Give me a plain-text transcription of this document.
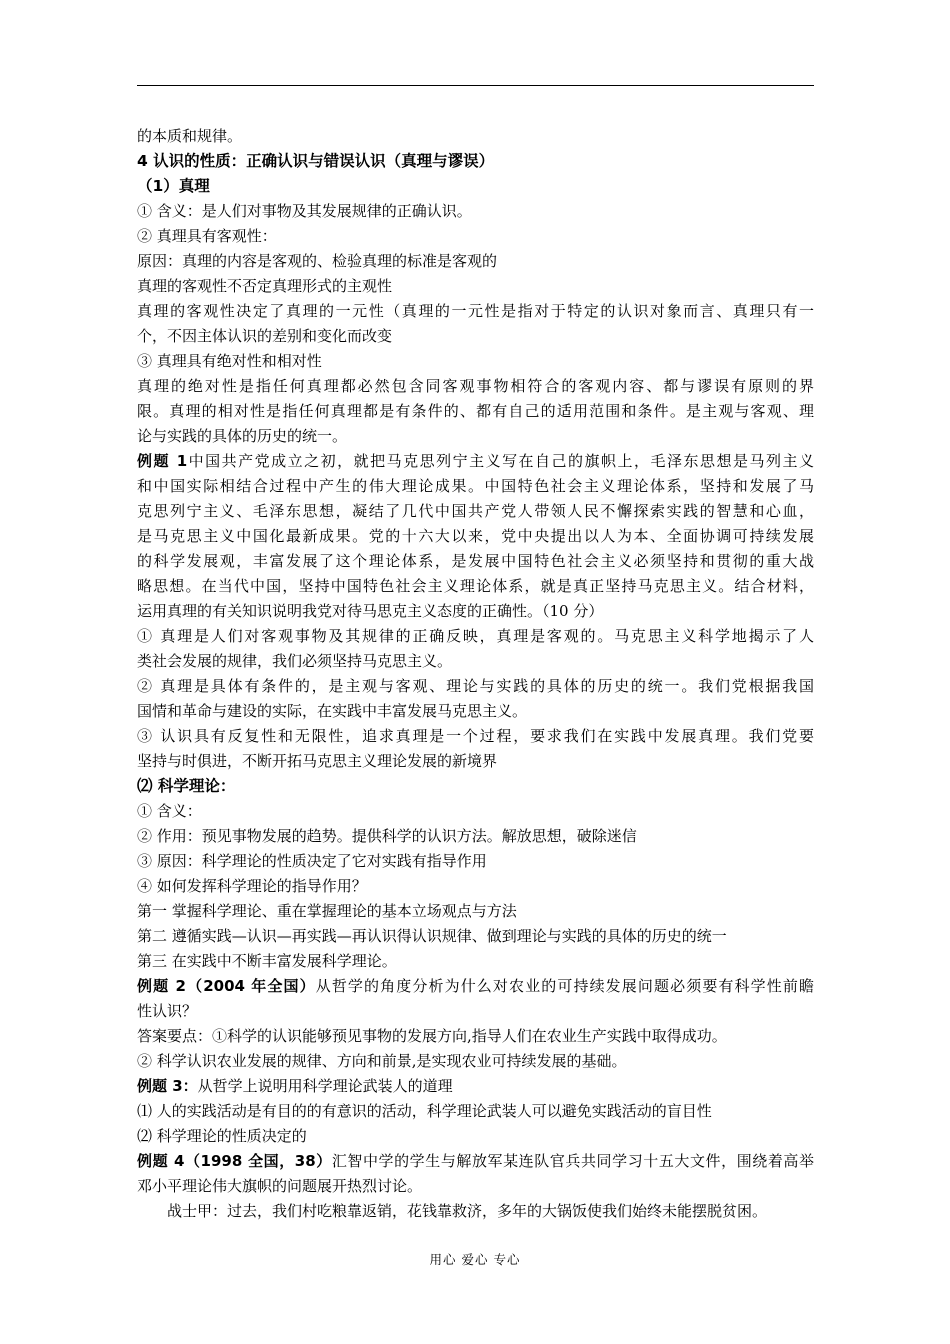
的本质和规律。
4 认识的性质：正确认识与错误认识（真理与谬误）
（1）真理
① 含义：是人们对事物及其发展规律的正确认识。
② 真理具有客观性：
原因：真理的内容是客观的、检验真理的标准是客观的
真理的客观性不否定真理形式的主观性
真理的客观性决定了真理的一元性（真理的一元性是指对于特定的认识对象而言、真理只有一
个，不因主体认识的差别和变化而改变
③ 真理具有绝对性和相对性
真理的绝对性是指任何真理都必然包含同客观事物相符合的客观内容、都与谬误有原则的界
限。真理的相对性是指任何真理都是有条件的、都有自己的适用范围和条件。是主观与客观、理
论与实践的具体的历史的统一。
例题 1中国共产党成立之初，就把马克思列宁主义写在自己的旗帜上，毛泽东思想是马列主义
和中国实际相结合过程中产生的伟大理论成果。中国特色社会主义理论体系，坚持和发展了马
克思列宁主义、毛泽东思想，凝结了几代中国共产党人带领人民不懈探索实践的智慧和心血，
是马克思主义中国化最新成果。党的十六大以来，党中央提出以人为本、全面协调可持续发展
的科学发展观，丰富发展了这个理论体系，是发展中国特色社会主义必须坚持和贯彻的重大战
略思想。在当代中国，坚持中国特色社会主义理论体系，就是真正坚持马克思主义。结合材料，
运用真理的有关知识说明我党对待马思克主义态度的正确性。（10 分）
① 真理是人们对客观事物及其规律的正确反映，真理是客观的。马克思主义科学地揭示了人
类社会发展的规律，我们必须坚持马克思主义。
② 真理是具体有条件的，是主观与客观、理论与实践的具体的历史的统一。我们党根据我国
国情和革命与建设的实际，在实践中丰富发展马克思主义。
③ 认识具有反复性和无限性，追求真理是一个过程，要求我们在实践中发展真理。我们党要
坚持与时俱进，不断开拓马克思主义理论发展的新境界
⑵ 科学理论：
① 含义：
② 作用：预见事物发展的趋势。提供科学的认识方法。解放思想，破除迷信
③ 原因：科学理论的性质决定了它对实践有指导作用
④ 如何发挥科学理论的指导作用？
第一 掌握科学理论、重在掌握理论的基本立场观点与方法
第二 遵循实践—认识—再实践—再认识得认识规律、做到理论与实践的具体的历史的统一
第三 在实践中不断丰富发展科学理论。
例题 2（2004 年全国）从哲学的角度分析为什么对农业的可持续发展问题必须要有科学性前瞻
性认识？
答案要点：①科学的认识能够预见事物的发展方向,指导人们在农业生产实践中取得成功。
② 科学认识农业发展的规律、方向和前景,是实现农业可持续发展的基础。
例题 3：从哲学上说明用科学理论武装人的道理
⑴ 人的实践活动是有目的的有意识的活动，科学理论武装人可以避免实践活动的盲目性
⑵ 科学理论的性质决定的
例题 4（1998 全国，38）汇智中学的学生与解放军某连队官兵共同学习十五大文件，围绕着高举
邓小平理论伟大旗帜的问题展开热烈讨论。
战士甲：过去，我们村吃粮靠返销，花钱靠救济，多年的大锅饭使我们始终未能摆脱贫困。
用心 爱心 专心
